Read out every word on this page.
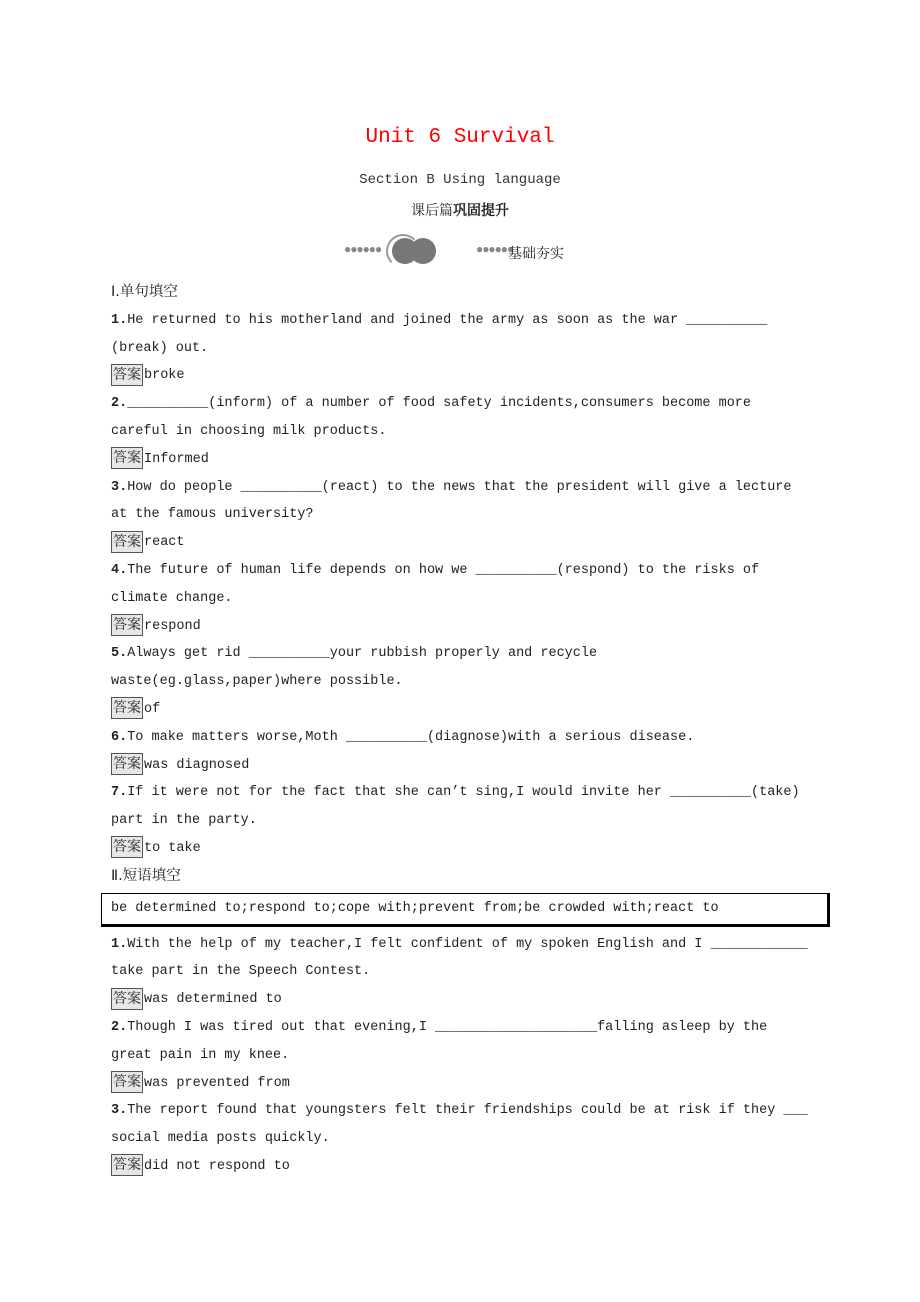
Unit 6 Survival
Section B Using language
课后篇巩固提升
●●●●●●	●●●●●●
基础夯实
Ⅰ.单句填空
1.He returned to his motherland and joined the army as soon as the war __________
(break) out.
答案 broke
2.__________(inform) of a number of food safety incidents,consumers become more
careful in choosing milk products.
答案 Informed
3.How do people __________(react) to the news that the president will give a lecture
at the famous university?
答案 react
4.The future of human life depends on how we __________(respond) to the risks of
climate change.
答案 respond
5.Always get rid __________your rubbish properly and recycle
waste(eg.glass,paper)where possible.
答案 of
6.To make matters worse,Moth __________(diagnose)with a serious disease.
答案 was diagnosed
7.If it were not for the fact that she can’t sing,I would invite her __________(take)
part in the party.
答案 to take
Ⅱ.短语填空
be determined to;respond to;cope with;prevent from;be crowded with;react to
1.With the help of my teacher,I felt confident of my spoken English and I ____________
take part in the Speech Contest.
答案 was determined to
2.Though I was tired out that evening,I ____________________falling asleep by the
great pain in my knee.
答案 was prevented from
3.The report found that youngsters felt their friendships could be at risk if they ___
social media posts quickly.
答案 did not respond to
